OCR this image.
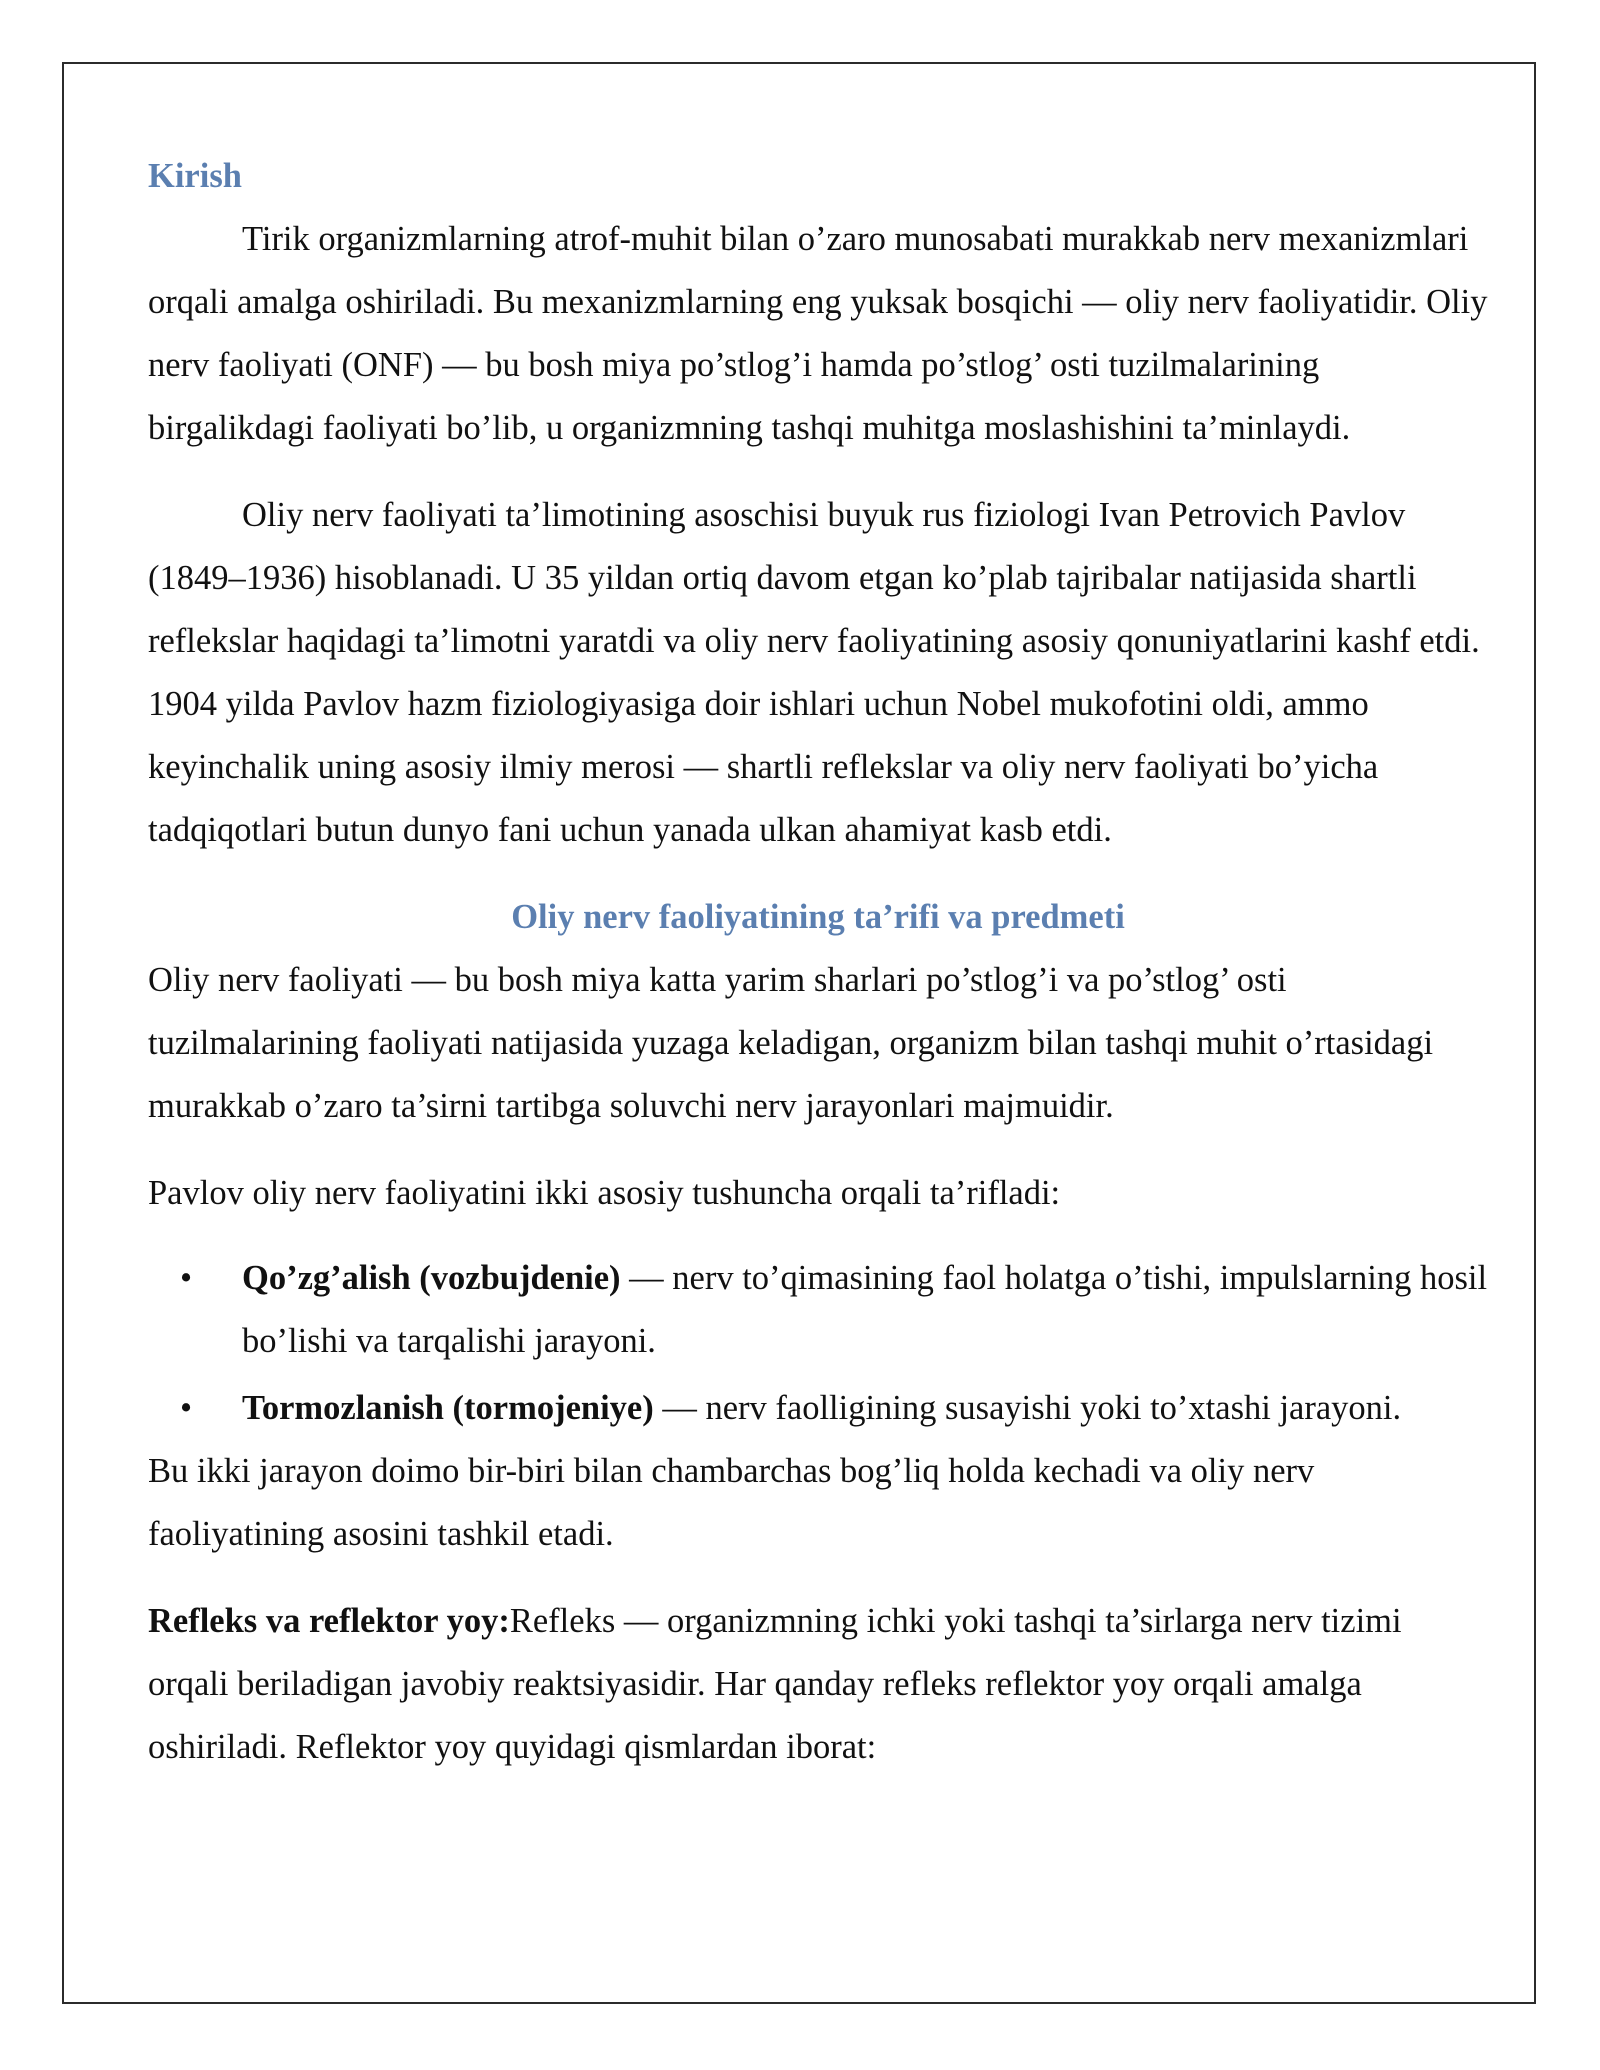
Kirish

Tirik organizmlarning atrof-muhit bilan o’zaro munosabati murakkab nerv mexanizmlari orqali amalga oshiriladi. Bu mexanizmlarning eng yuksak bosqichi — oliy nerv faoliyatidir. Oliy nerv faoliyati (ONF) — bu bosh miya po’stlog’i hamda po’stlog’ osti tuzilmalarining birgalikdagi faoliyati bo’lib, u organizmning tashqi muhitga moslashishini ta’minlaydi.

Oliy nerv faoliyati ta’limotining asoschisi buyuk rus fiziologi Ivan Petrovich Pavlov (1849–1936) hisoblanadi. U 35 yildan ortiq davom etgan ko’plab tajribalar natijasida shartli reflekslar haqidagi ta’limotni yaratdi va oliy nerv faoliyatining asosiy qonuniyatlarini kashf etdi. 1904 yilda Pavlov hazm fiziologiyasiga doir ishlari uchun Nobel mukofotini oldi, ammo keyinchalik uning asosiy ilmiy merosi — shartli reflekslar va oliy nerv faoliyati bo’yicha tadqiqotlari butun dunyo fani uchun yanada ulkan ahamiyat kasb etdi.

Oliy nerv faoliyatining ta’rifi va predmeti

Oliy nerv faoliyati — bu bosh miya katta yarim sharlari po’stlog’i va po’stlog’ osti tuzilmalarining faoliyati natijasida yuzaga keladigan, organizm bilan tashqi muhit o’rtasidagi murakkab o’zaro ta’sirni tartibga soluvchi nerv jarayonlari majmuidir.

Pavlov oliy nerv faoliyatini ikki asosiy tushuncha orqali ta’rifladi:

• Qo’zg’alish (vozbujdenie) — nerv to’qimasining faol holatga o’tishi, impulslarning hosil bo’lishi va tarqalishi jarayoni.
• Tormozlanish (tormojeniye) — nerv faolligining susayishi yoki to’xtashi jarayoni.

Bu ikki jarayon doimo bir-biri bilan chambarchas bog’liq holda kechadi va oliy nerv faoliyatining asosini tashkil etadi.

Refleks va reflektor yoy:Refleks — organizmning ichki yoki tashqi ta’sirlarga nerv tizimi orqali beriladigan javobiy reaktsiyasidir. Har qanday refleks reflektor yoy orqali amalga oshiriladi. Reflektor yoy quyidagi qismlardan iborat:
